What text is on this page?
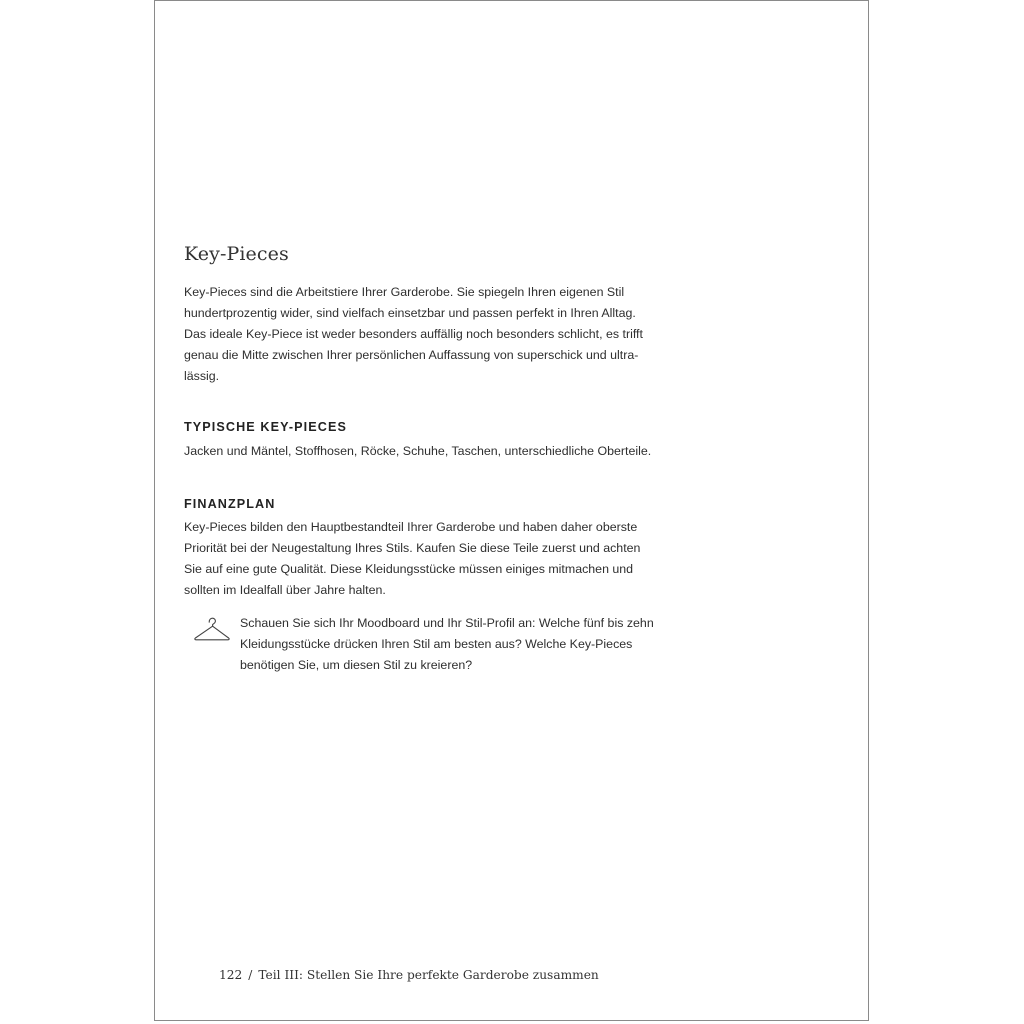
Key-Pieces

Key-Pieces sind die Arbeitstiere Ihrer Garderobe. Sie spiegeln Ihren eigenen Stil hundertprozentig wider, sind vielfach einsetzbar und passen perfekt in Ihren Alltag. Das ideale Key-Piece ist weder besonders auffällig noch besonders schlicht, es trifft genau die Mitte zwischen Ihrer persönlichen Auffassung von superschick und ultra-lässig.

TYPISCHE KEY-PIECES

Jacken und Mäntel, Stoffhosen, Röcke, Schuhe, Taschen, unterschiedliche Oberteile.

FINANZPLAN

Key-Pieces bilden den Hauptbestandteil Ihrer Garderobe und haben daher oberste Priorität bei der Neugestaltung Ihres Stils. Kaufen Sie diese Teile zuerst und achten Sie auf eine gute Qualität. Diese Kleidungsstücke müssen einiges mitmachen und sollten im Idealfall über Jahre halten.

Schauen Sie sich Ihr Moodboard und Ihr Stil-Profil an: Welche fünf bis zehn Kleidungsstücke drücken Ihren Stil am besten aus? Welche Key-Pieces benötigen Sie, um diesen Stil zu kreieren?

122 / Teil III: Stellen Sie Ihre perfekte Garderobe zusammen
